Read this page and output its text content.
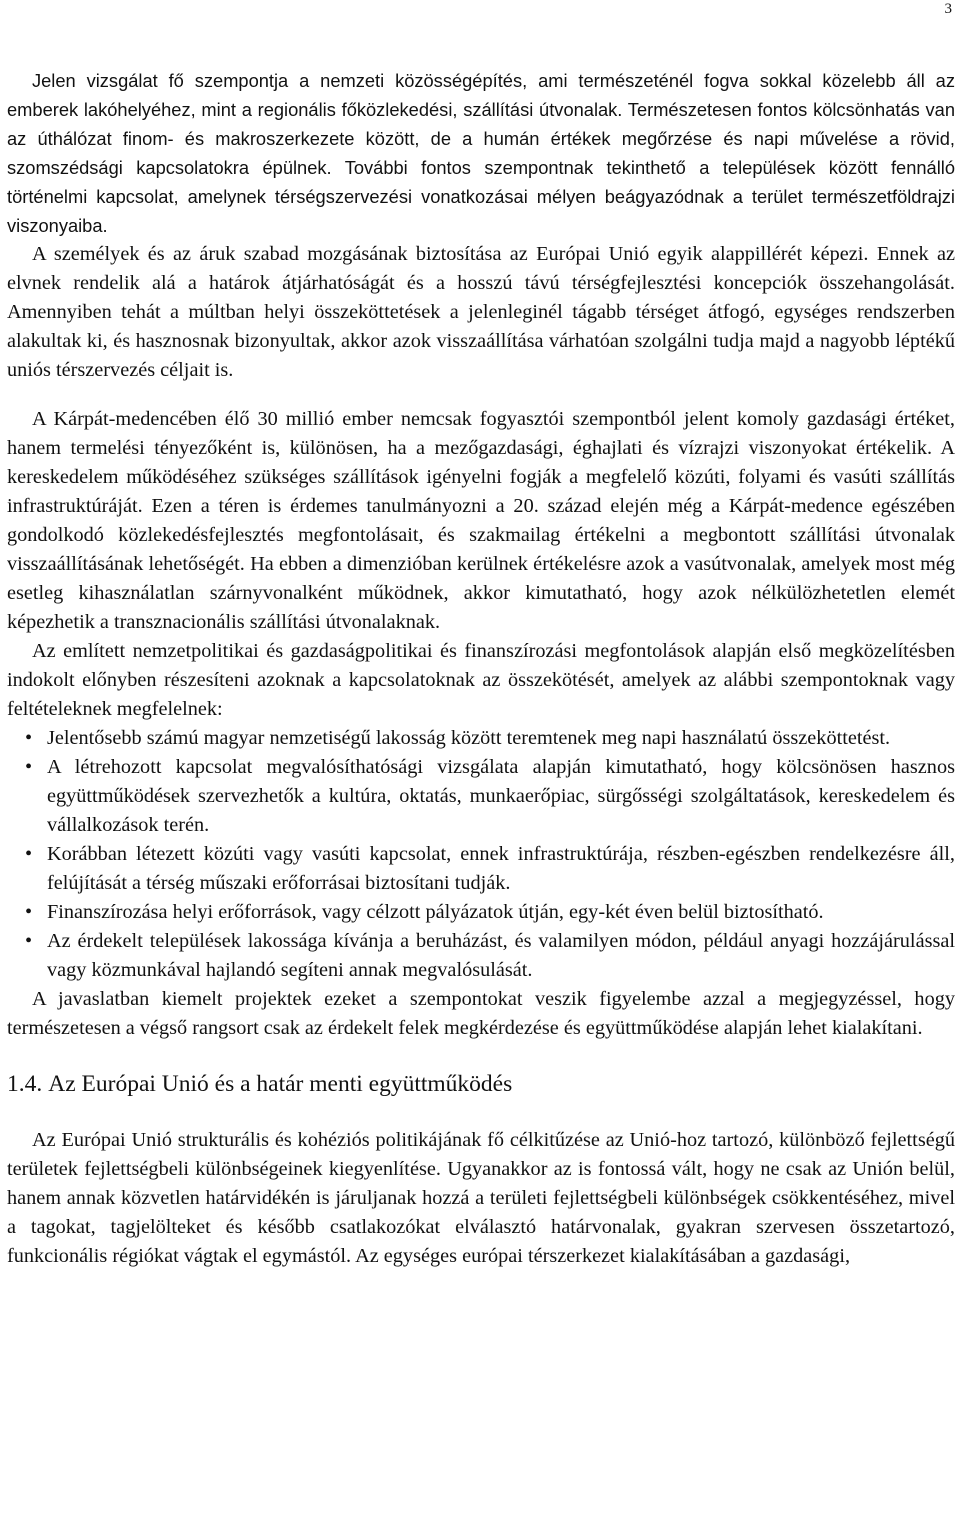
3

Jelen vizsgálat fő szempontja a nemzeti közösségépítés, ami természeténél fogva sokkal közelebb áll az emberek lakóhelyéhez, mint a regionális főközlekedési, szállítási útvonalak. Természetesen fontos kölcsönhatás van az úthálózat finom- és makroszerkezete között, de a humán értékek megőrzése és napi művelése a rövid, szomszédsági kapcsolatokra épülnek. További fontos szempontnak tekinthető a települések között fennálló történelmi kapcsolat, amelynek térségszervezési vonatkozásai mélyen beágyazódnak a terület természetföldrajzi viszonyaiba.

A személyek és az áruk szabad mozgásának biztosítása az Európai Unió egyik alappillérét képezi. Ennek az elvnek rendelik alá a határok átjárhatóságát és a hosszú távú térségfejlesztési koncepciók összehangolását. Amennyiben tehát a múltban helyi összeköttetések a jelenleginél tágabb térséget átfogó, egységes rendszerben alakultak ki, és hasznosnak bizonyultak, akkor azok visszaállítása várhatóan szolgálni tudja majd a nagyobb léptékű uniós térszervezés céljait is.

A Kárpát-medencében élő 30 millió ember nemcsak fogyasztói szempontból jelent komoly gazdasági értéket, hanem termelési tényezőként is, különösen, ha a mezőgazdasági, éghajlati és vízrajzi viszonyokat értékelik. A kereskedelem működéséhez szükséges szállítások igényelni fogják a megfelelő közúti, folyami és vasúti szállítás infrastruktúráját. Ezen a téren is érdemes tanulmányozni a 20. század elején még a Kárpát-medence egészében gondolkodó közlekedésfejlesztés megfontolásait, és szakmailag értékelni a megbontott szállítási útvonalak visszaállításának lehetőségét. Ha ebben a dimenzióban kerülnek értékelésre azok a vasútvonalak, amelyek most még esetleg kihasználatlan szárnyvonalként működnek, akkor kimutatható, hogy azok nélkülözhetetlen elemét képezhetik a transznacionális szállítási útvonalaknak.

Az említett nemzetpolitikai és gazdaságpolitikai és finanszírozási megfontolások alapján első megközelítésben indokolt előnyben részesíteni azoknak a kapcsolatoknak az összekötését, amelyek az alábbi szempontoknak vagy feltételeknek megfelelnek:

• Jelentősebb számú magyar nemzetiségű lakosság között teremtenek meg napi használatú összeköttetést.
• A létrehozott kapcsolat megvalósíthatósági vizsgálata alapján kimutatható, hogy kölcsönösen hasznos együttműködések szervezhetők a kultúra, oktatás, munkaerőpiac, sürgősségi szolgáltatások, kereskedelem és vállalkozások terén.
• Korábban létezett közúti vagy vasúti kapcsolat, ennek infrastruktúrája, részben-egészben rendelkezésre áll, felújítását a térség műszaki erőforrásai biztosítani tudják.
• Finanszírozása helyi erőforrások, vagy célzott pályázatok útján, egy-két éven belül biztosítható.
• Az érdekelt települések lakossága kívánja a beruházást, és valamilyen módon, például anyagi hozzájárulással vagy közmunkával hajlandó segíteni annak megvalósulását.

A javaslatban kiemelt projektek ezeket a szempontokat veszik figyelembe azzal a megjegyzéssel, hogy természetesen a végső rangsort csak az érdekelt felek megkérdezése és együttműködése alapján lehet kialakítani.

1.4. Az Európai Unió és a határ menti együttműködés

Az Európai Unió strukturális és kohéziós politikájának fő célkitűzése az Unió-hoz tartozó, különböző fejlettségű területek fejlettségbeli különbségeinek kiegyenlítése. Ugyanakkor az is fontossá vált, hogy ne csak az Unión belül, hanem annak közvetlen határvidékén is járuljanak hozzá a területi fejlettségbeli különbségek csökkentéséhez, mivel a tagokat, tagjelölteket és később csatlakozókat elválasztó határvonalak, gyakran szervesen összetartozó, funkcionális régiókat vágtak el egymástól. Az egységes európai térszerkezet kialakításában a gazdasági,
